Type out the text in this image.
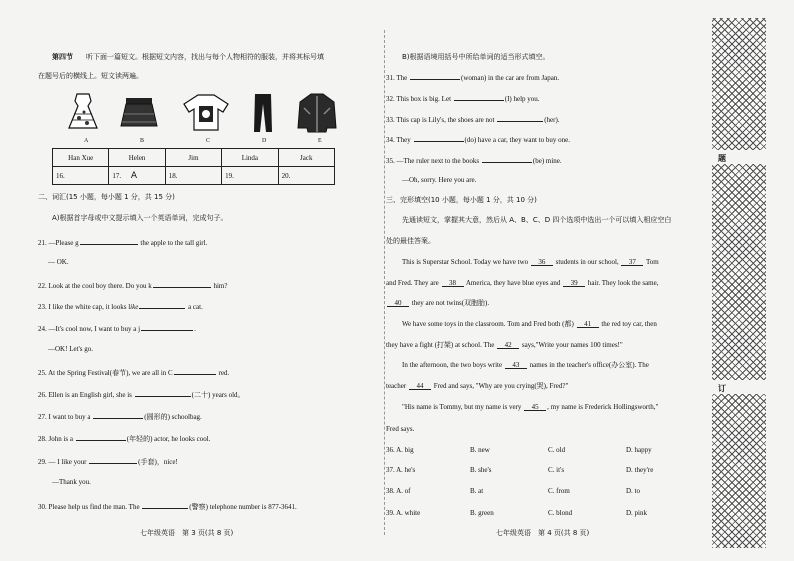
第四节 听下面一篇短文。根据短文内容，找出与每个人物相符的服装，并将其标号填
在题号后的横线上。短文读两遍。
A	B	C	D	E
Han Xue	Helen	Jim	Linda	Jack
16.	17. A	18.	19.	20.
二、词汇(15 小题，每小题 1 分，共 15 分)
A)根据首字母或中文提示填入一个英语单词，完成句子。
21. —Please g	the apple to the tall girl.
— OK.
22. Look at the cool boy there. Do you k	him?
23. I like the white cap, it looks like	a cat.
24. —It's cool now, I want to buy a j	.
—OK! Let's go.
25. At the Spring Festival(春节), we are all in C	red.
26. Ellen is an English girl, she is	(二十) years old。
27. I want to buy a	(圆形的) schoolbag.
28. John is a	(年轻的) actor, he looks cool.
29. — I like your	(手套)，nice!
—Thank you.
30. Please help us find the man. The	(警察) telephone number is 877-3641.
七年级英语　第 3 页(共 8 页)
B)根据语境用括号中所给单词的适当形式填空。
31. The	(woman) in the car are from Japan.
32. This box is big. Let	(I) help you.
33. This cap is Lily's, the shoes are not	(her).
34. They	(do) have a car, they want to buy one.
35. —The ruler next to the books	(be) mine.
—Oh, sorry. Here you are.
三、完形填空(10 小题，每小题 1 分，共 10 分)
先通读短文，掌握其大意，然后从 A、B、C、D 四个选项中选出一个可以填入相应空白
处的最佳答案。
This is Superstar School. Today we have two 36 students in our school, 37 Tom
and Fred. They are 38 America, they have blue eyes and 39 hair. They look the same,
40 they are not twins(双胞胎).
We have some toys in the classroom. Tom and Fred both (都) 41 the red toy car, then
they have a fight (打架) at school. The 42 says,"Write your names 100 times!"
In the afternoon, the two boys write 43 names in the teacher's office(办公室). The
teacher 44 Fred and says, "Why are you crying(哭), Fred?"
"His name is Tommy, but my name is very 45 , my name is Frederick Hollingsworth,"
Fred says.
36. A. big	B. new	C. old	D. happy
37. A. he's	B. she's	C. it's	D. they're
38. A. of	B. at	C. from	D. to
39. A. white	B. green	C. blond	D. pink
七年级英语　第 4 页(共 8 页)
题
订
